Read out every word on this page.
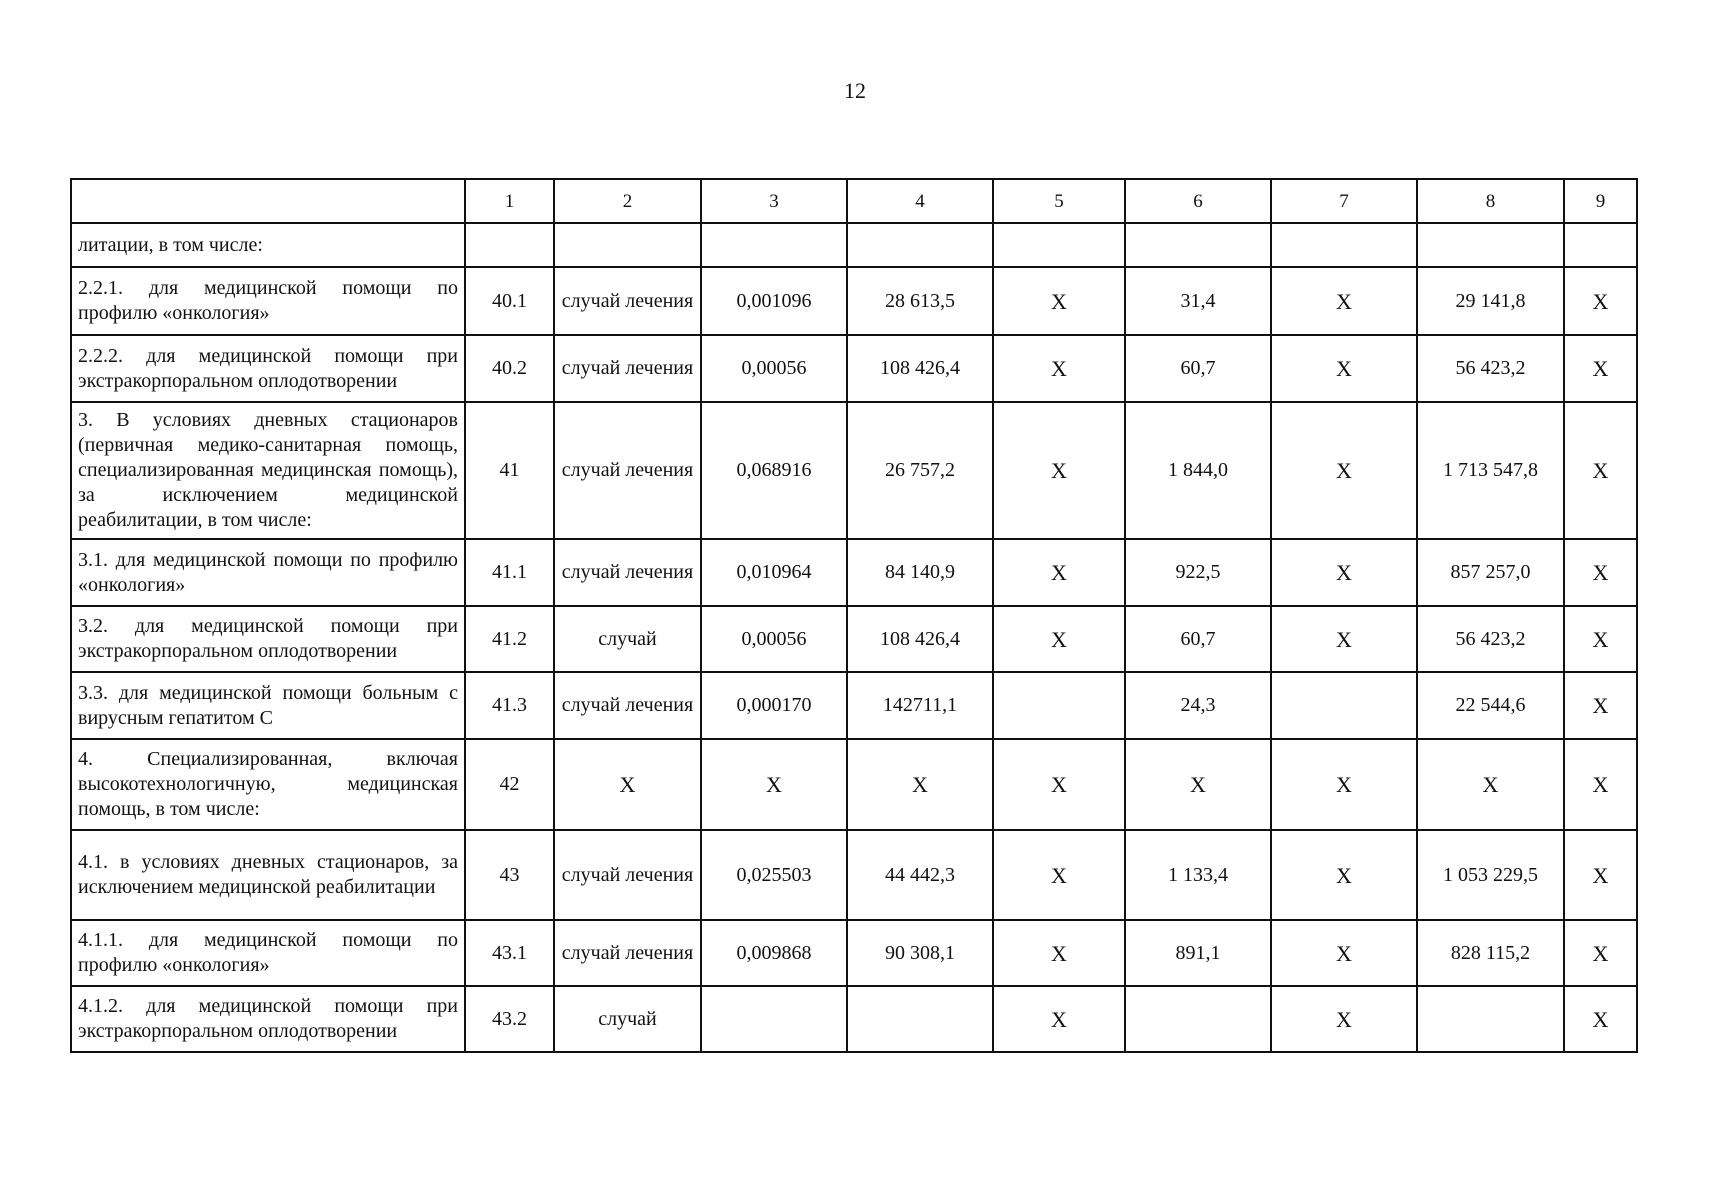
12
	1	2	3	4	5	6	7	8	9
литации, в том числе:									
2.2.1. для медицинской помощи по профилю «онкология»	40.1	случай лечения	0,001096	28 613,5	Х	31,4	Х	29 141,8	Х
2.2.2. для медицинской помощи при экстракорпоральном оплодотворении	40.2	случай лечения	0,00056	108 426,4	Х	60,7	Х	56 423,2	Х
3. В условиях дневных стационаров (первичная медико-санитарная помощь, специализированная медицинская помощь), за исключением медицинской реабилитации, в том числе:	41	случай лечения	0,068916	26 757,2	Х	1 844,0	Х	1 713 547,8	Х
3.1. для медицинской помощи по профилю «онкология»	41.1	случай лечения	0,010964	84 140,9	Х	922,5	Х	857 257,0	Х
3.2. для медицинской помощи при экстракорпоральном оплодотворении	41.2	случай	0,00056	108 426,4	Х	60,7	Х	56 423,2	Х
3.3. для медицинской помощи больным с вирусным гепатитом С	41.3	случай лечения	0,000170	142711,1		24,3		22 544,6	Х
4. Специализированная, включая высокотехнологичную, медицинская помощь, в том числе:	42	Х	Х	Х	Х	Х	Х	Х	Х
4.1. в условиях дневных стационаров, за исключением медицинской реабилитации	43	случай лечения	0,025503	44 442,3	Х	1 133,4	Х	1 053 229,5	Х
4.1.1. для медицинской помощи по профилю «онкология»	43.1	случай лечения	0,009868	90 308,1	Х	891,1	Х	828 115,2	Х
4.1.2. для медицинской помощи при экстракорпоральном оплодотворении	43.2	случай			Х		Х		Х
